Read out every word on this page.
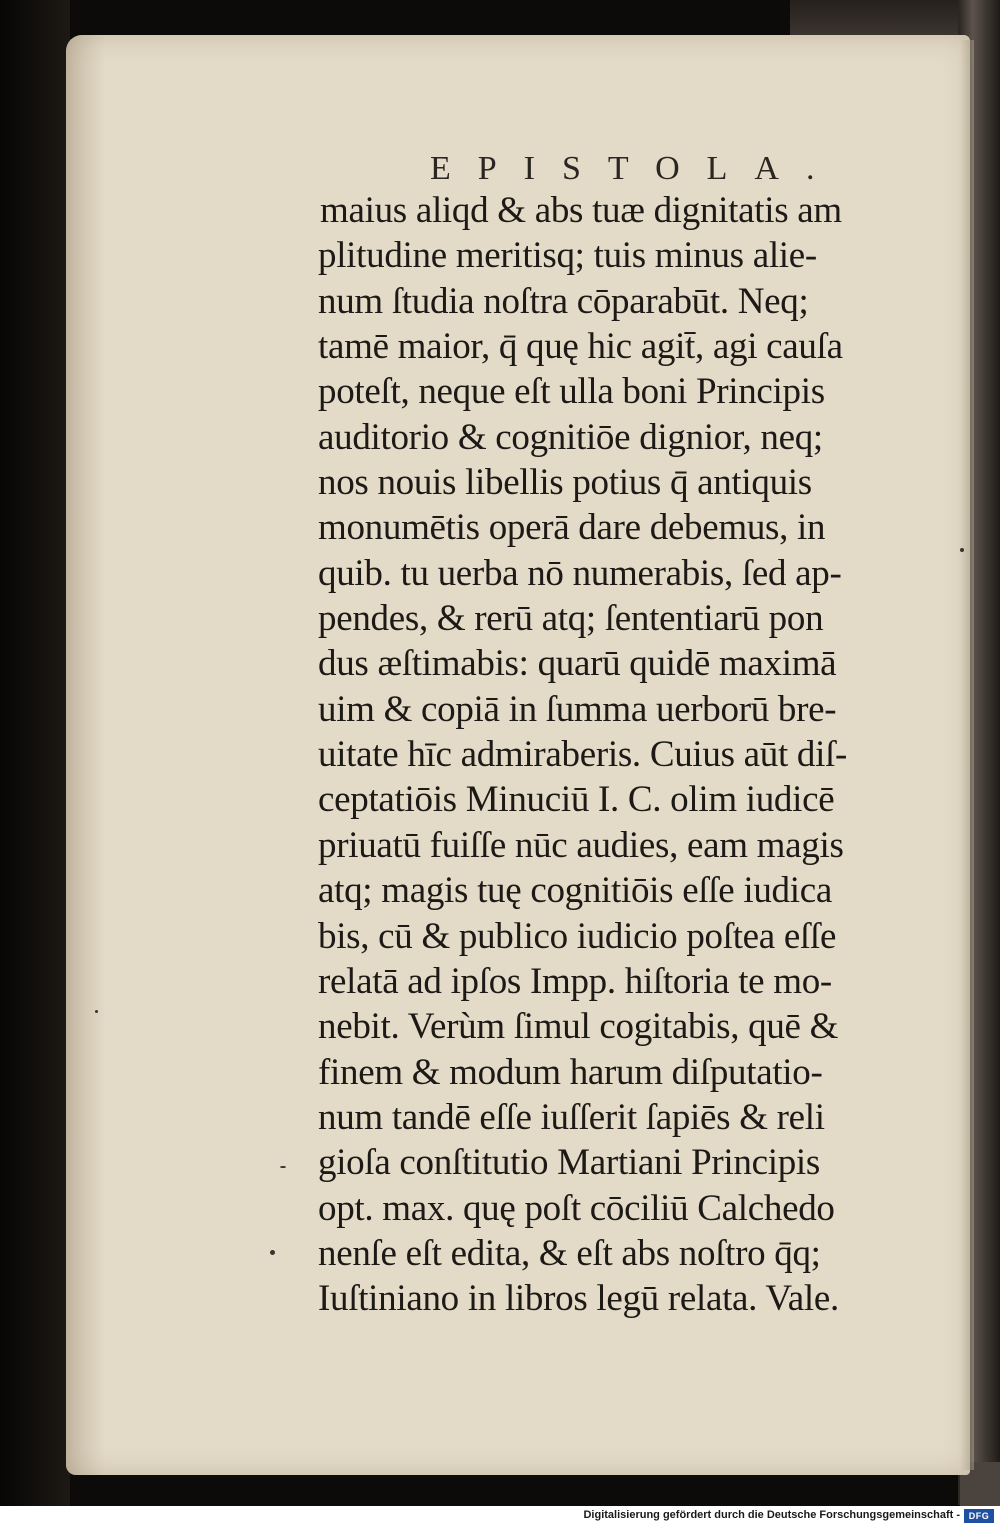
EPISTOLA.
maius aliqd & abs tuæ dignitatis am
plitudine meritisq; tuis minus alie-
num ſtudia noſtra cōparabūt. Neq;
tamē maior, q̄ quę hic agit̄, agi cauſa
poteſt, neque eſt ulla boni Principis
auditorio & cognitiōe dignior, neq;
nos nouis libellis potius q̄ antiquis
monumētis operā dare debemus, in
quib. tu uerba nō numerabis, ſed ap-
pendes, & rerū atq; ſententiarū pon
dus æſtimabis: quarū quidē maximā
uim & copiā in ſumma uerborū bre-
uitate hīc admiraberis. Cuius aūt diſ-
ceptatiōis Minuciū I. C. olim iudicē
priuatū fuiſſe nūc audies, eam magis
atq; magis tuę cognitiōis eſſe iudica
bis, cū & publico iudicio poſtea eſſe
relatā ad ipſos Impp. hiſtoria te mo-
nebit. Verùm ſimul cogitabis, quē &
finem & modum harum diſputatio-
num tandē eſſe iuſſerit ſapiēs & reli
gioſa conſtitutio Martiani Principis
opt. max. quę poſt cōciliū Calchedo
nenſe eſt edita, & eſt abs noſtro q̄q;
Iuſtiniano in libros legū relata. Vale.
Digitalisierung gefördert durch die Deutsche Forschungsgemeinschaft - DFG
